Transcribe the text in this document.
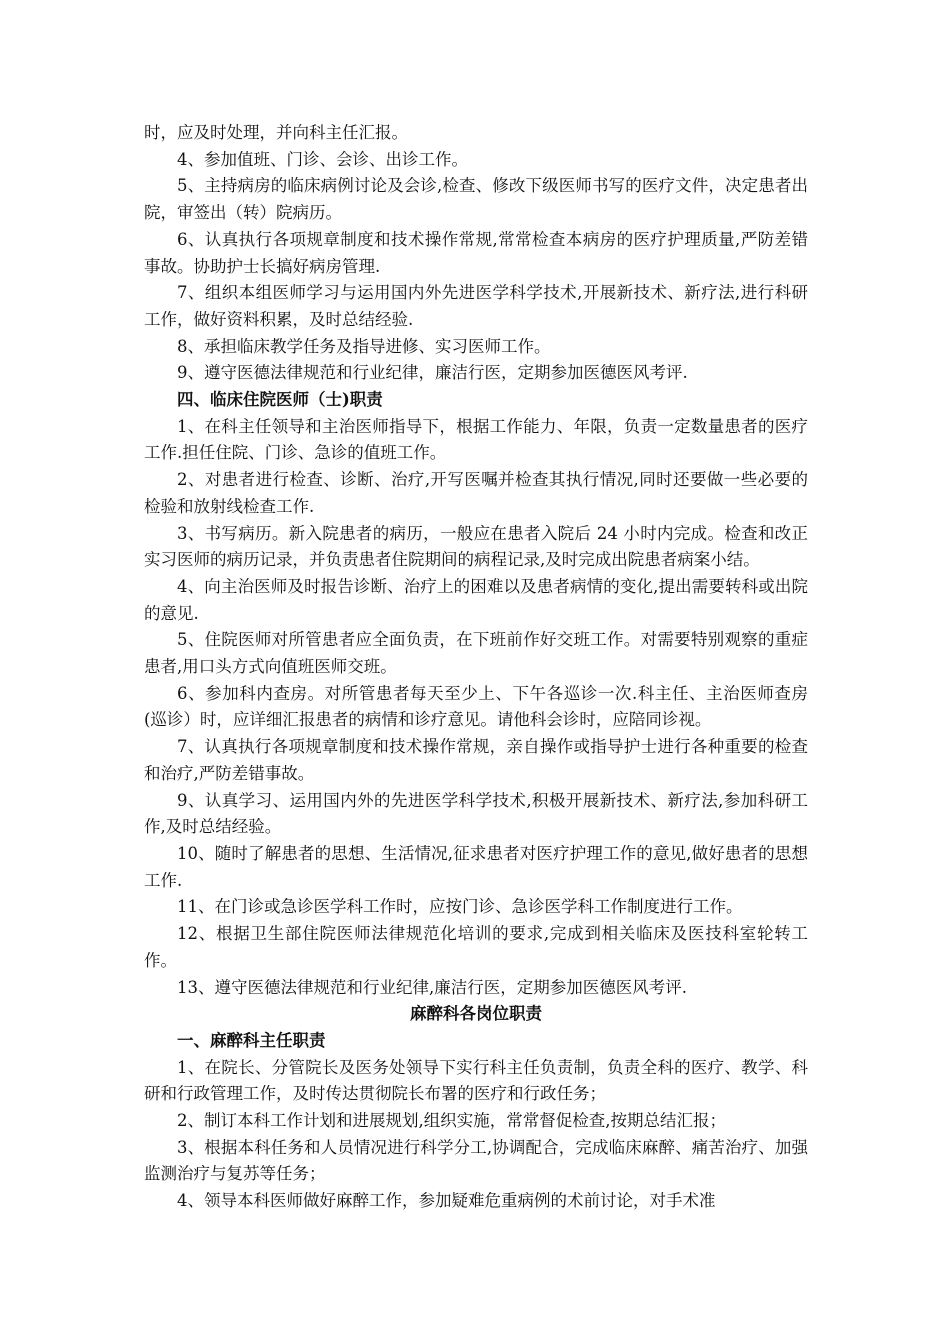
时，应及时处理，并向科主任汇报。

4、参加值班、门诊、会诊、出诊工作。

5、主持病房的临床病例讨论及会诊,检查、修改下级医师书写的医疗文件，决定患者出院，审签出（转）院病历。

6、认真执行各项规章制度和技术操作常规,常常检查本病房的医疗护理质量,严防差错事故。协助护士长搞好病房管理.

7、组织本组医师学习与运用国内外先进医学科学技术,开展新技术、新疗法,进行科研工作，做好资料积累，及时总结经验.

8、承担临床教学任务及指导进修、实习医师工作。

9、遵守医德法律规范和行业纪律，廉洁行医，定期参加医德医风考评.

四、临床住院医师（士)职责

1、在科主任领导和主治医师指导下，根据工作能力、年限，负责一定数量患者的医疗工作.担任住院、门诊、急诊的值班工作。

2、对患者进行检查、诊断、治疗,开写医嘱并检查其执行情况,同时还要做一些必要的检验和放射线检查工作.

3、书写病历。新入院患者的病历，一般应在患者入院后 24 小时内完成。检查和改正实习医师的病历记录，并负责患者住院期间的病程记录,及时完成出院患者病案小结。

4、向主治医师及时报告诊断、治疗上的困难以及患者病情的变化,提出需要转科或出院的意见.

5、住院医师对所管患者应全面负责，在下班前作好交班工作。对需要特别观察的重症患者,用口头方式向值班医师交班。

6、参加科内查房。对所管患者每天至少上、下午各巡诊一次.科主任、主治医师查房(巡诊）时，应详细汇报患者的病情和诊疗意见。请他科会诊时，应陪同诊视。

7、认真执行各项规章制度和技术操作常规，亲自操作或指导护士进行各种重要的检查和治疗,严防差错事故。

9、认真学习、运用国内外的先进医学科学技术,积极开展新技术、新疗法,参加科研工作,及时总结经验。

10、随时了解患者的思想、生活情况,征求患者对医疗护理工作的意见,做好患者的思想工作.

11、在门诊或急诊医学科工作时，应按门诊、急诊医学科工作制度进行工作。

12、根据卫生部住院医师法律规范化培训的要求,完成到相关临床及医技科室轮转工作。

13、遵守医德法律规范和行业纪律,廉洁行医，定期参加医德医风考评.

麻醉科各岗位职责

一、麻醉科主任职责

1、在院长、分管院长及医务处领导下实行科主任负责制，负责全科的医疗、教学、科研和行政管理工作，及时传达贯彻院长布署的医疗和行政任务；

2、制订本科工作计划和进展规划,组织实施，常常督促检查,按期总结汇报；

3、根据本科任务和人员情况进行科学分工,协调配合，完成临床麻醉、痛苦治疗、加强监测治疗与复苏等任务；

4、领导本科医师做好麻醉工作，参加疑难危重病例的术前讨论，对手术准
